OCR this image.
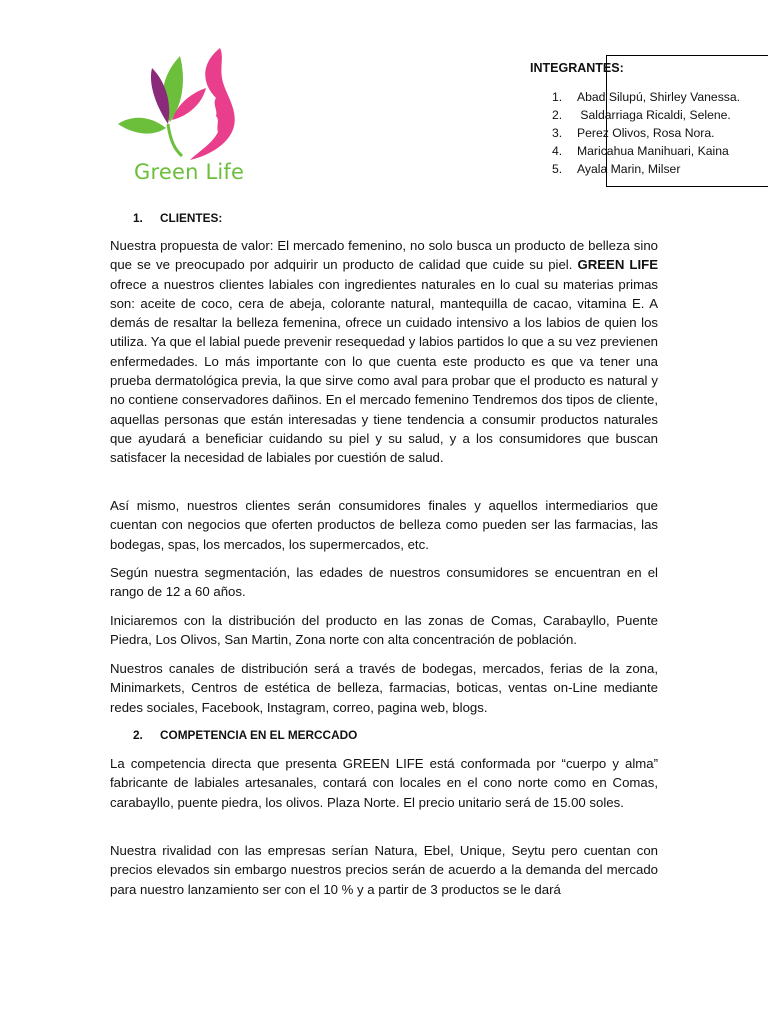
Green Life
INTEGRANTES:
1. Abad Silupú, Shirley Vanessa.
2. Saldarriaga Ricaldi, Selene.
3. Perez Olivos, Rosa Nora.
4. Maricahua Manihuari, Kaina
5. Ayala Marin, Milser
1. CLIENTES:

Nuestra propuesta de valor: El mercado femenino, no solo busca un producto de belleza sino que se ve preocupado por adquirir un producto de calidad que cuide su piel. GREEN LIFE ofrece a nuestros clientes labiales con ingredientes naturales en lo cual su materias primas son: aceite de coco, cera de abeja, colorante natural, mantequilla de cacao, vitamina E. A demás de resaltar la belleza femenina, ofrece un cuidado intensivo a los labios de quien los utiliza. Ya que el labial puede prevenir resequedad y labios partidos lo que a su vez previenen enfermedades. Lo más importante con lo que cuenta este producto es que va tener una prueba dermatológica previa, la que sirve como aval para probar que el producto es natural y no contiene conservadores dañinos. En el mercado femenino Tendremos dos tipos de cliente, aquellas personas que están interesadas y tiene tendencia a consumir productos naturales que ayudará a beneficiar cuidando su piel y su salud, y a los consumidores que buscan satisfacer la necesidad de labiales por cuestión de salud.

Así mismo, nuestros clientes serán consumidores finales y aquellos intermediarios que cuentan con negocios que oferten productos de belleza como pueden ser las farmacias, las bodegas, spas, los mercados, los supermercados, etc.

Según nuestra segmentación, las edades de nuestros consumidores se encuentran en el rango de 12 a 60 años.

Iniciaremos con la distribución del producto en las zonas de Comas, Carabayllo, Puente Piedra, Los Olivos, San Martin, Zona norte con alta concentración de población.

Nuestros canales de distribución será a través de bodegas, mercados, ferias de la zona, Minimarkets, Centros de estética de belleza, farmacias, boticas, ventas on-Line mediante redes sociales, Facebook, Instagram, correo, pagina web, blogs.

2. COMPETENCIA EN EL MERCCADO

La competencia directa que presenta GREEN LIFE está conformada por “cuerpo y alma” fabricante de labiales artesanales, contará con locales en el cono norte como en Comas, carabayllo, puente piedra, los olivos. Plaza Norte. El precio unitario será de 15.00 soles.

Nuestra rivalidad con las empresas serían Natura, Ebel, Unique, Seytu pero cuentan con precios elevados sin embargo nuestros precios serán de acuerdo a la demanda del mercado para nuestro lanzamiento ser con el 10 % y a partir de 3 productos se le dará
